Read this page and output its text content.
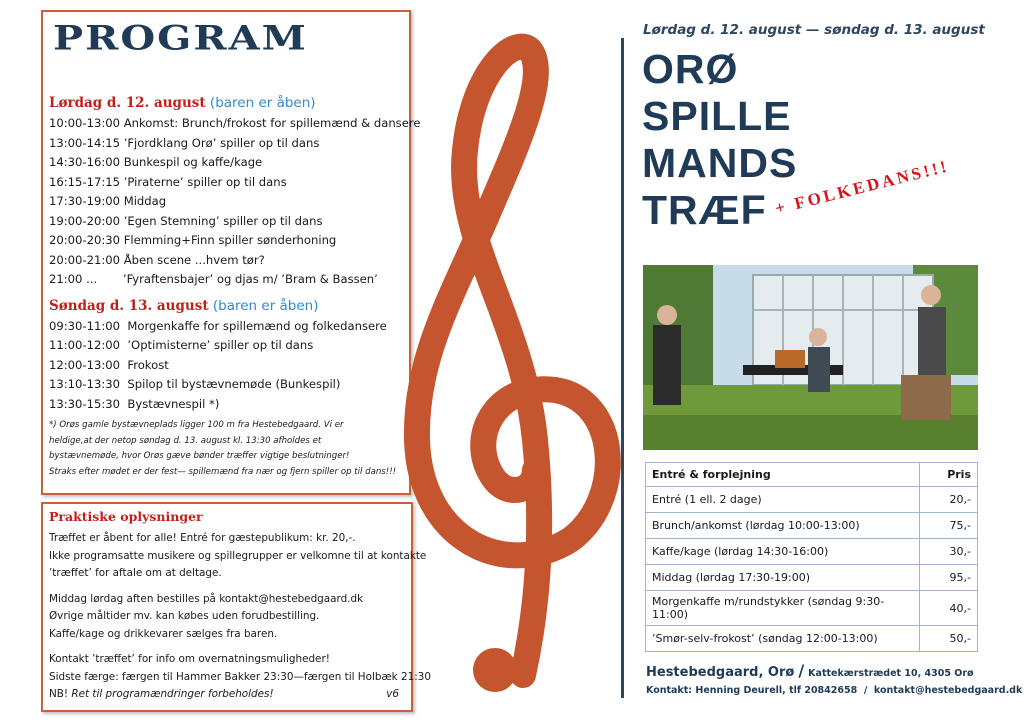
PROGRAM
Lørdag d. 12. august (baren er åben)
10:00-13:00 Ankomst: Brunch/frokost for spillemænd & dansere
13:00-14:15 ’Fjordklang Orø’ spiller op til dans
14:30-16:00 Bunkespil og kaffe/kage
16:15-17:15 ’Piraterne’ spiller op til dans
17:30-19:00 Middag
19:00-20:00 ’Egen Stemning’ spiller op til dans
20:00-20:30 Flemming+Finn spiller sønderhoning
20:00-21:00 Åben scene ...hvem tør?
21:00 ...       ’Fyraftensbajer’ og djas m/ ’Bram & Bassen’
Søndag d. 13. august (baren er åben)
09:30-11:00  Morgenkaffe for spillemænd og folkedansere
11:00-12:00  ’Optimisterne’ spiller op til dans
12:00-13:00  Frokost
13:10-13:30  Spilop til bystævnemøde (Bunkespil)
13:30-15:30  Bystævnespil *)
*) Orøs gamle bystævneplads ligger 100 m fra Hestebedgaard. Vi er
heldige,at der netop søndag d. 13. august kl. 13:30 afholdes et
bystævnemøde, hvor Orøs gæve bønder træffer vigtige beslutninger!
Straks efter mødet er der fest— spillemænd fra nær og fjern spiller op til dans!!!
Praktiske oplysninger
Træffet er åbent for alle! Entré for gæstepublikum: kr. 20,-.
Ikke programsatte musikere og spillegrupper er velkomne til at kontakte
’træffet’ for aftale om at deltage.
Middag lørdag aften bestilles på kontakt@hestebedgaard.dk
Øvrige måltider mv. kan købes uden forudbestilling.
Kaffe/kage og drikkevarer sælges fra baren.
Kontakt ’træffet’ for info om overnatningsmuligheder!
Sidste færge: færgen til Hammer Bakker 23:30—færgen til Holbæk 21:30
NB! Ret til programændringer forbeholdes!	v6
Lørdag d. 12. august — søndag d. 13. august
ORØ
SPILLE
MANDS
TRÆF + FOLKEDANS!!!
Entré & forplejning	Pris
Entré (1 ell. 2 dage)	20,-
Brunch/ankomst (lørdag 10:00-13:00)	75,-
Kaffe/kage (lørdag 14:30-16:00)	30,-
Middag (lørdag 17:30-19:00)	95,-
Morgenkaffe m/rundstykker (søndag 9:30-11:00)	40,-
’Smør-selv-frokost’ (søndag 12:00-13:00)	50,-
Hestebedgaard, Orø / Kattekærstrædet 10, 4305 Orø
Kontakt: Henning Deurell, tlf 20842658  /  kontakt@hestebedgaard.dk
